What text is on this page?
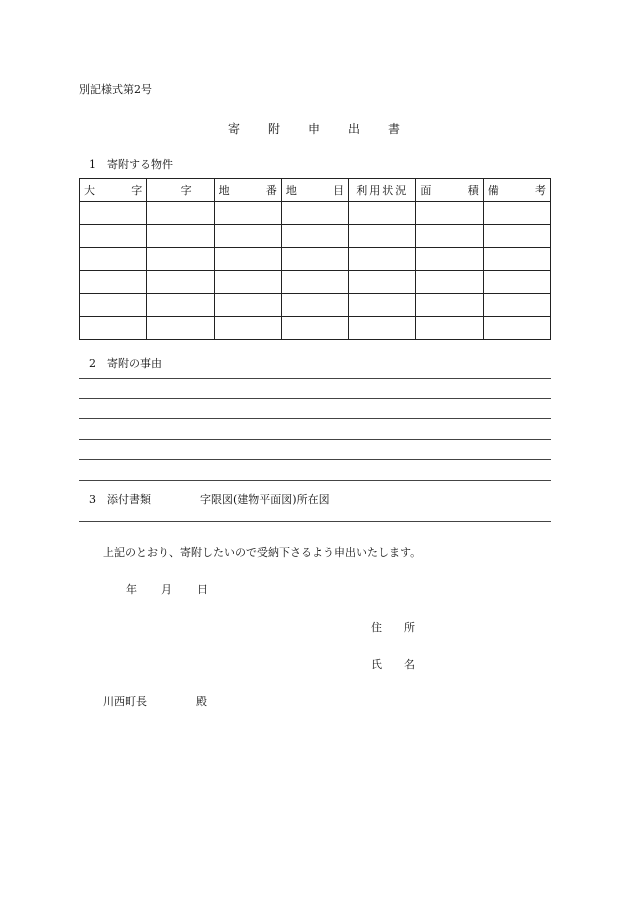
別記様式第2号
寄　附　申　出　書
1　寄附する物件
大 字	字	地 番	地 目	利用状況	面 積	備 考

2　寄附の事由
3　添付書類	字限図(建物平面図)所在図
上記のとおり、寄附したいので受納下さるよう申出いたします。
年 月 日
住　　所
氏　　名
川西町長	殿
